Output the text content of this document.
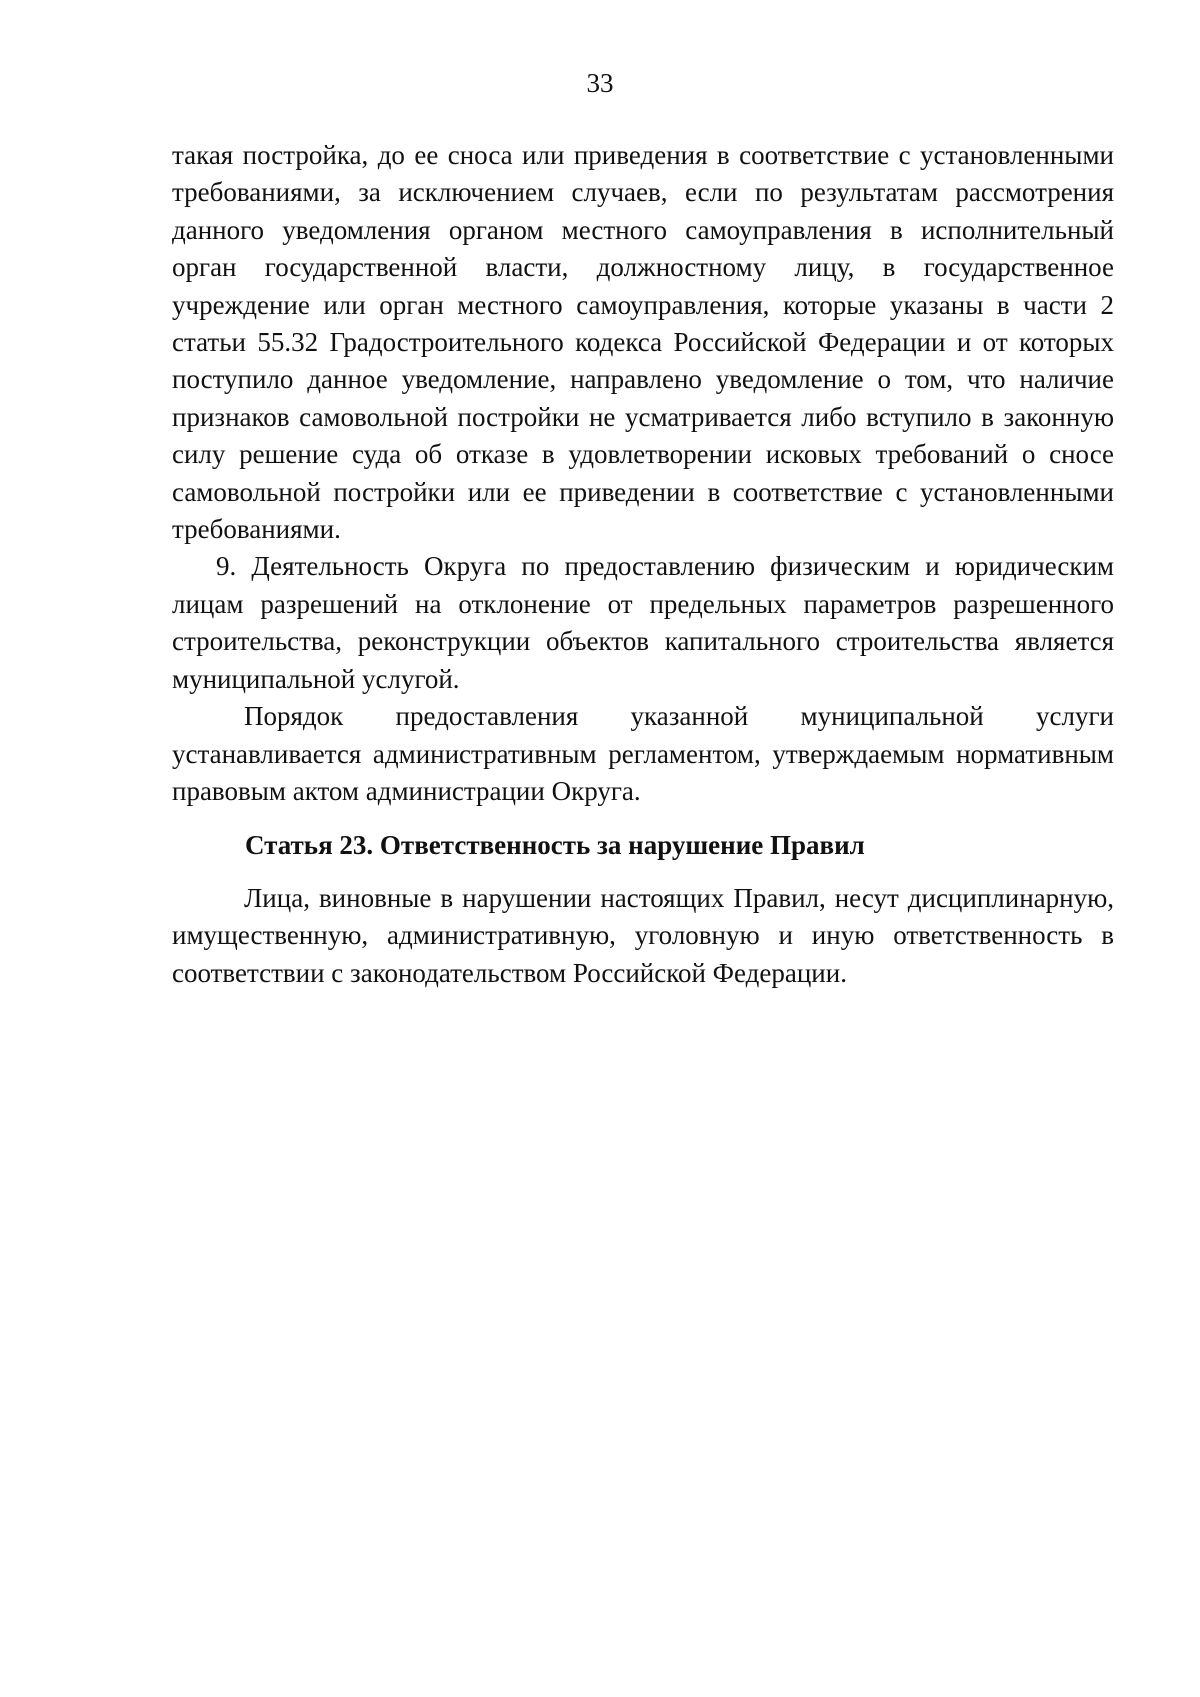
33

такая постройка, до ее сноса или приведения в соответствие с установленными требованиями, за исключением случаев, если по результатам рассмотрения данного уведомления органом местного самоуправления в исполнительный орган государственной власти, должностному лицу, в государственное учреждение или орган местного самоуправления, которые указаны в части 2 статьи 55.32 Градостроительного кодекса Российской Федерации и от которых поступило данное уведомление, направлено уведомление о том, что наличие признаков самовольной постройки не усматривается либо вступило в законную силу решение суда об отказе в удовлетворении исковых требований о сносе самовольной постройки или ее приведении в соответствие с установленными требованиями.

9. Деятельность Округа по предоставлению физическим и юридическим лицам разрешений на отклонение от предельных параметров разрешенного строительства, реконструкции объектов капитального строительства является муниципальной услугой.

Порядок предоставления указанной муниципальной услуги устанавливается административным регламентом, утверждаемым нормативным правовым актом администрации Округа.

Статья 23. Ответственность за нарушение Правил

Лица, виновные в нарушении настоящих Правил, несут дисциплинарную, имущественную, административную, уголовную и иную ответственность в соответствии с законодательством Российской Федерации.
